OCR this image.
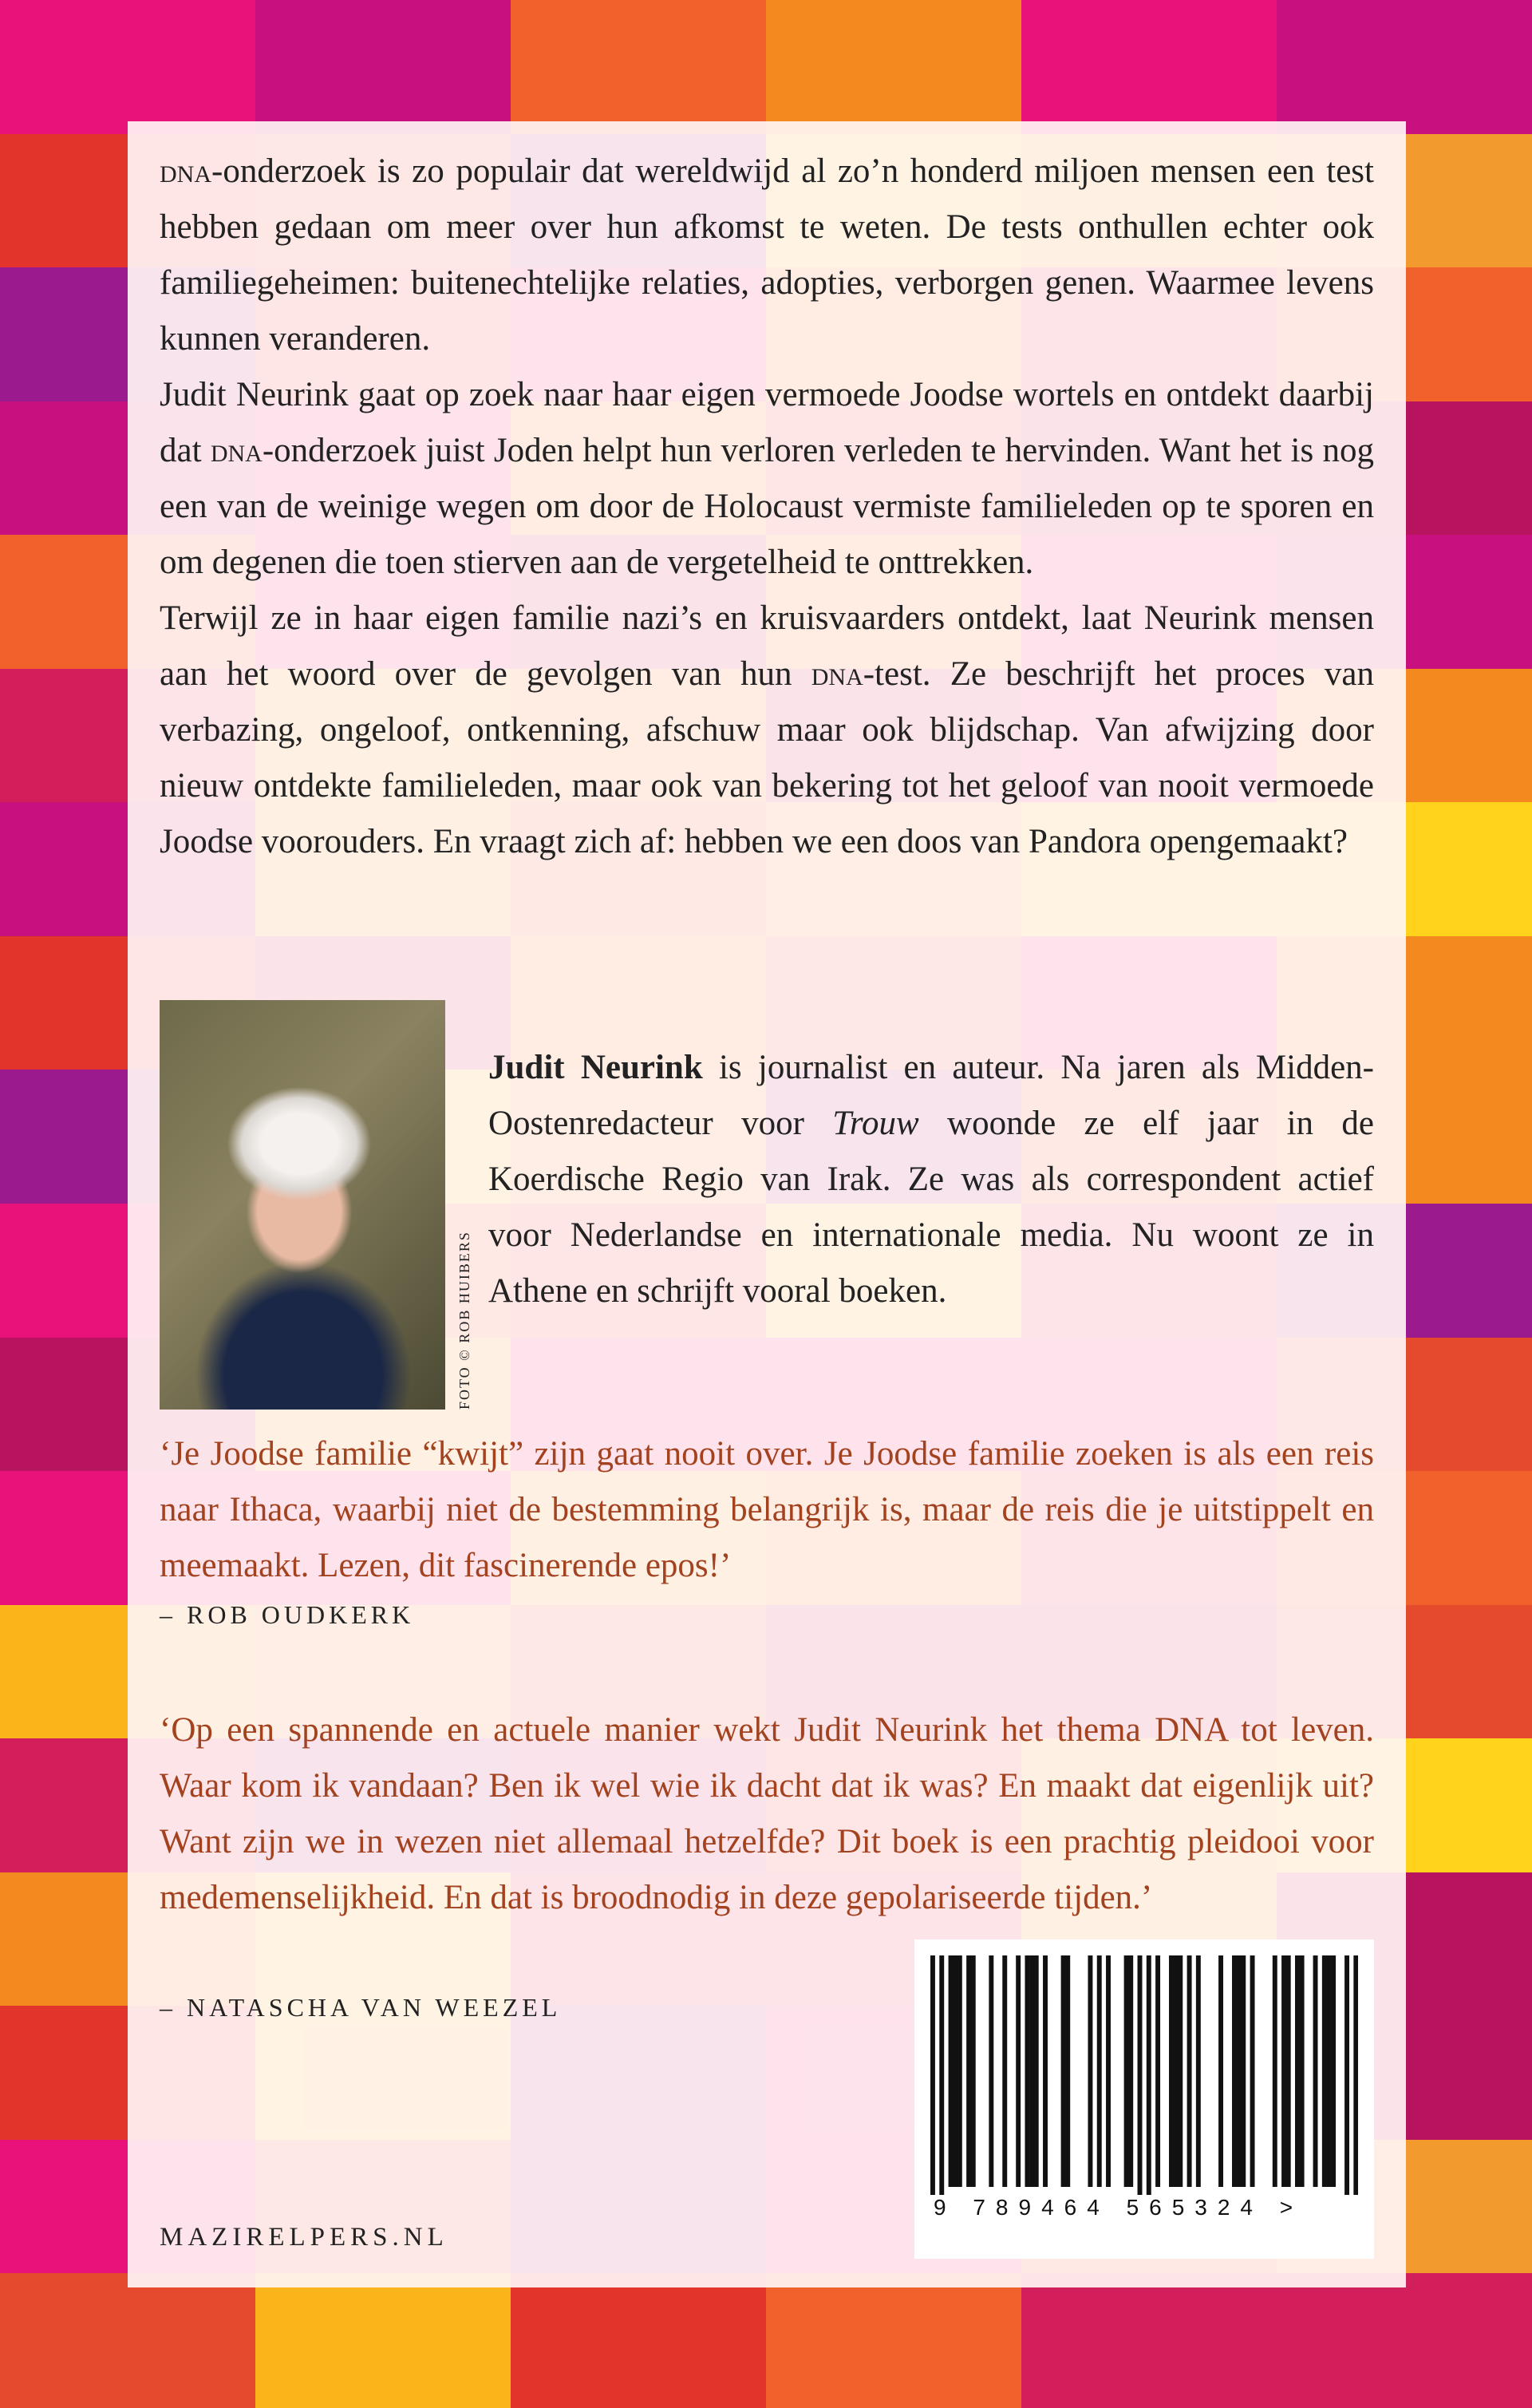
dna-onderzoek is zo populair dat wereldwijd al zo’n honderd miljoen mensen een test hebben gedaan om meer over hun afkomst te weten. De tests onthullen echter ook familiegeheimen: buitenechtelijke relaties, adopties, verborgen genen. Waarmee levens kunnen veranderen.

Judit Neurink gaat op zoek naar haar eigen vermoede Joodse wortels en ontdekt daarbij dat dna-onderzoek juist Joden helpt hun verloren verleden te hervinden. Want het is nog een van de weinige wegen om door de Holocaust vermiste familieleden op te sporen en om degenen die toen stierven aan de vergetelheid te onttrekken.

Terwijl ze in haar eigen familie nazi’s en kruisvaarders ontdekt, laat Neurink mensen aan het woord over de gevolgen van hun dna-test. Ze beschrijft het proces van verbazing, ongeloof, ontkenning, afschuw maar ook blijdschap. Van afwijzing door nieuw ontdekte familieleden, maar ook van bekering tot het geloof van nooit vermoede Joodse voorouders. En vraagt zich af: hebben we een doos van Pandora opengemaakt?

FOTO © ROB HUIBERS

Judit Neurink is journalist en auteur. Na jaren als Midden-Oostenredacteur voor Trouw woonde ze elf jaar in de Koerdische Regio van Irak. Ze was als correspondent actief voor Nederlandse en internationale media. Nu woont ze in Athene en schrijft vooral boeken.

‘Je Joodse familie “kwijt” zijn gaat nooit over. Je Joodse familie zoeken is als een reis naar Ithaca, waarbij niet de bestemming belangrijk is, maar de reis die je uitstippelt en meemaakt. Lezen, dit fascinerende epos!’

– ROB OUDKERK

‘Op een spannende en actuele manier wekt Judit Neurink het thema DNA tot leven. Waar kom ik vandaan? Ben ik wel wie ik dacht dat ik was? En maakt dat eigenlijk uit? Want zijn we in wezen niet allemaal hetzelfde? Dit boek is een prachtig pleidooi voor medemenselijkheid. En dat is broodnodig in deze gepolariseerde tijden.’

– NATASCHA VAN WEEZEL
MAZIRELPERS.NL
9 789464 565324 >
